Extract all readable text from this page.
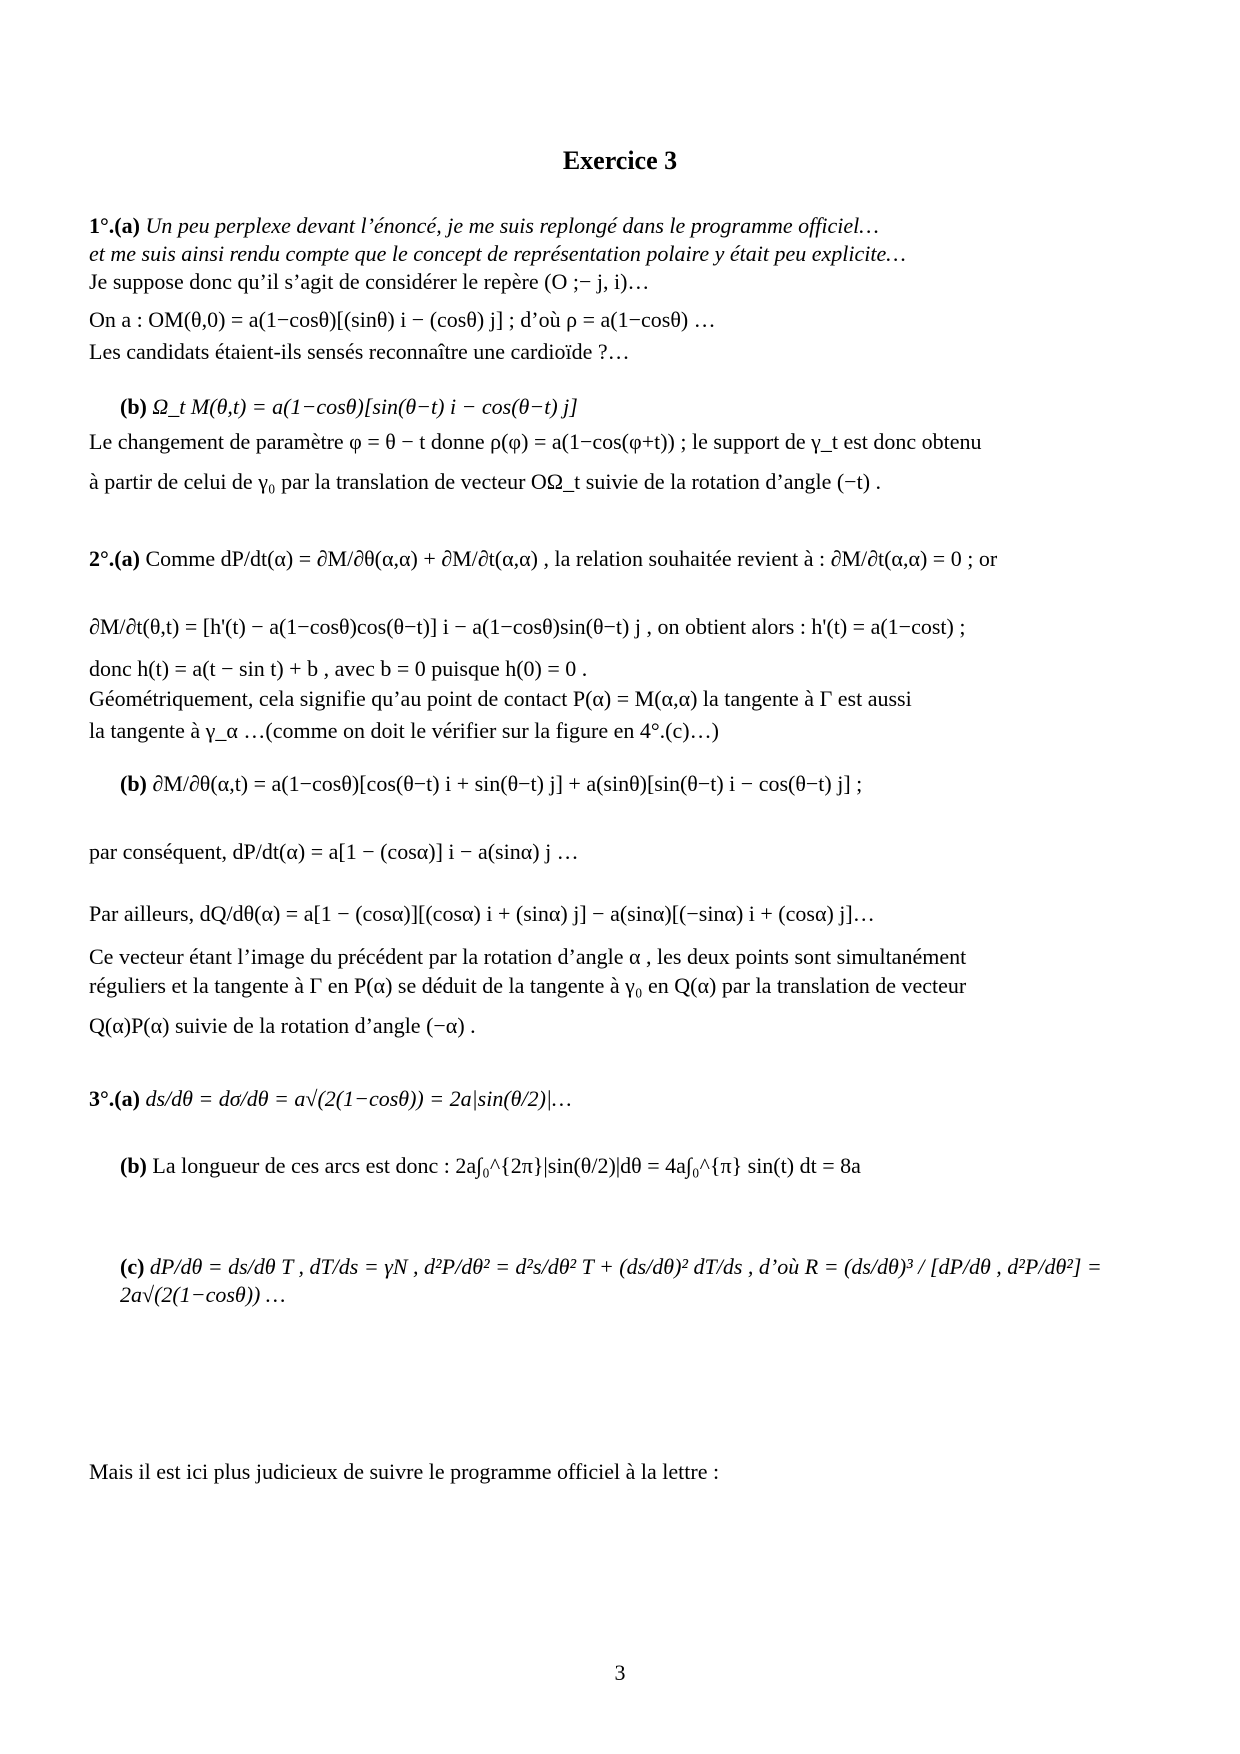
Exercice 3
1°.(a) Un peu perplexe devant l’énoncé, je me suis replongé dans le programme officiel…
et me suis ainsi rendu compte que le concept de représentation polaire y était peu explicite…
Je suppose donc qu’il s’agit de considérer le repère (O ;− j, i)…
On a : OM(θ,0) = a(1−cosθ)[(sinθ) i − (cosθ) j] ; d’où ρ = a(1−cosθ) …
Les candidats étaient-ils sensés reconnaître une cardioïde ?…
(b) Ω_t M(θ,t) = a(1−cosθ)[sin(θ−t) i − cos(θ−t) j]
Le changement de paramètre φ = θ − t donne ρ(φ) = a(1−cos(φ+t)) ; le support de γ_t est donc obtenu
à partir de celui de γ₀ par la translation de vecteur OΩ_t suivie de la rotation d’angle (−t) .
2°.(a) Comme dP/dt(α) = ∂M/∂θ(α,α) + ∂M/∂t(α,α) , la relation souhaitée revient à : ∂M/∂t(α,α) = 0 ; or
∂M/∂t(θ,t) = [h'(t) − a(1−cosθ)cos(θ−t)] i − a(1−cosθ)sin(θ−t) j , on obtient alors : h'(t) = a(1−cost) ;
donc h(t) = a(t − sin t) + b , avec b = 0 puisque h(0) = 0 .
Géométriquement, cela signifie qu’au point de contact P(α) = M(α,α) la tangente à Γ est aussi
la tangente à γ_α …(comme on doit le vérifier sur la figure en 4°.(c)…)
(b) ∂M/∂θ(α,t) = a(1−cosθ)[cos(θ−t) i + sin(θ−t) j] + a(sinθ)[sin(θ−t) i − cos(θ−t) j] ;
par conséquent, dP/dt(α) = a[1 − (cosα)] i − a(sinα) j …
Par ailleurs, dQ/dθ(α) = a[1 − (cosα)][(cosα) i + (sinα) j] − a(sinα)[(−sinα) i + (cosα) j]…
Ce vecteur étant l’image du précédent par la rotation d’angle α , les deux points sont simultanément
réguliers et la tangente à Γ en P(α) se déduit de la tangente à γ₀ en Q(α) par la translation de vecteur
Q(α)P(α) suivie de la rotation d’angle (−α) .
3°.(a) ds/dθ = dσ/dθ = a√(2(1−cosθ)) = 2a|sin(θ/2)|…
(b) La longueur de ces arcs est donc : 2a∫₀^{2π}|sin(θ/2)|dθ = 4a∫₀^{π} sin(t) dt = 8a
(c) dP/dθ = ds/dθ T , dT/ds = γN , d²P/dθ² = d²s/dθ² T + (ds/dθ)² dT/ds , d’où R = (ds/dθ)³ / [dP/dθ , d²P/dθ²] = 2a√(2(1−cosθ)) …
Mais il est ici plus judicieux de suivre le programme officiel à la lettre :
3
